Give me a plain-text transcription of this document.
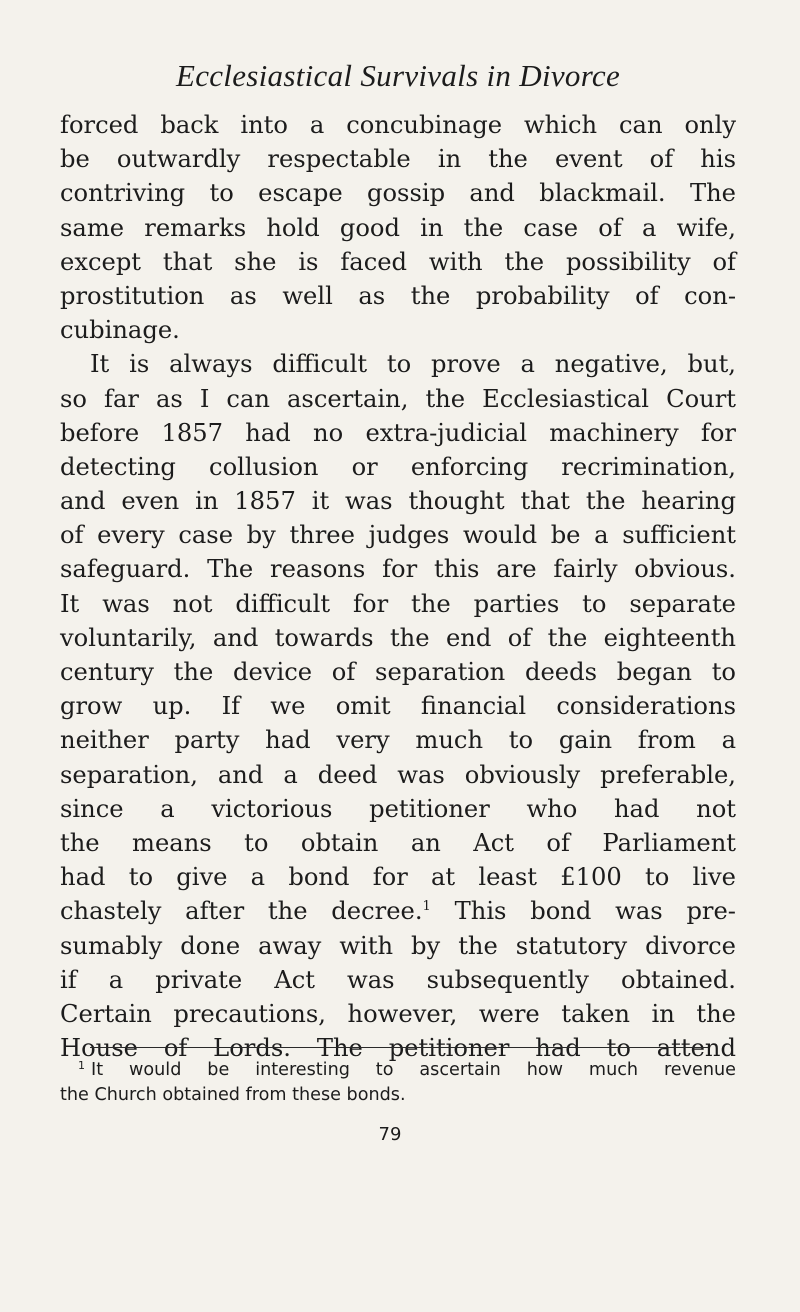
Ecclesiastical Survivals in Divorce
forced back into a concubinage which can only
be outwardly respectable in the event of his
contriving to escape gossip and blackmail. The
same remarks hold good in the case of a wife,
except that she is faced with the possibility of
prostitution as well as the probability of con-
cubinage.
It is always difficult to prove a negative, but,
so far as I can ascertain, the Ecclesiastical Court
before 1857 had no extra-judicial machinery for
detecting collusion or enforcing recrimination,
and even in 1857 it was thought that the hearing
of every case by three judges would be a sufficient
safeguard. The reasons for this are fairly obvious.
It was not difficult for the parties to separate
voluntarily, and towards the end of the eighteenth
century the device of separation deeds began to
grow up. If we omit financial considerations
neither party had very much to gain from a
separation, and a deed was obviously preferable,
since a victorious petitioner who had not
the means to obtain an Act of Parliament
had to give a bond for at least £100 to live
chastely after the decree.$^1$ This bond was pre-
sumably done away with by the statutory divorce
if a private Act was subsequently obtained.
Certain precautions, however, were taken in the
House of Lords. The petitioner had to attend
$^1$ It would be interesting to ascertain how much revenue
the Church obtained from these bonds.
79
